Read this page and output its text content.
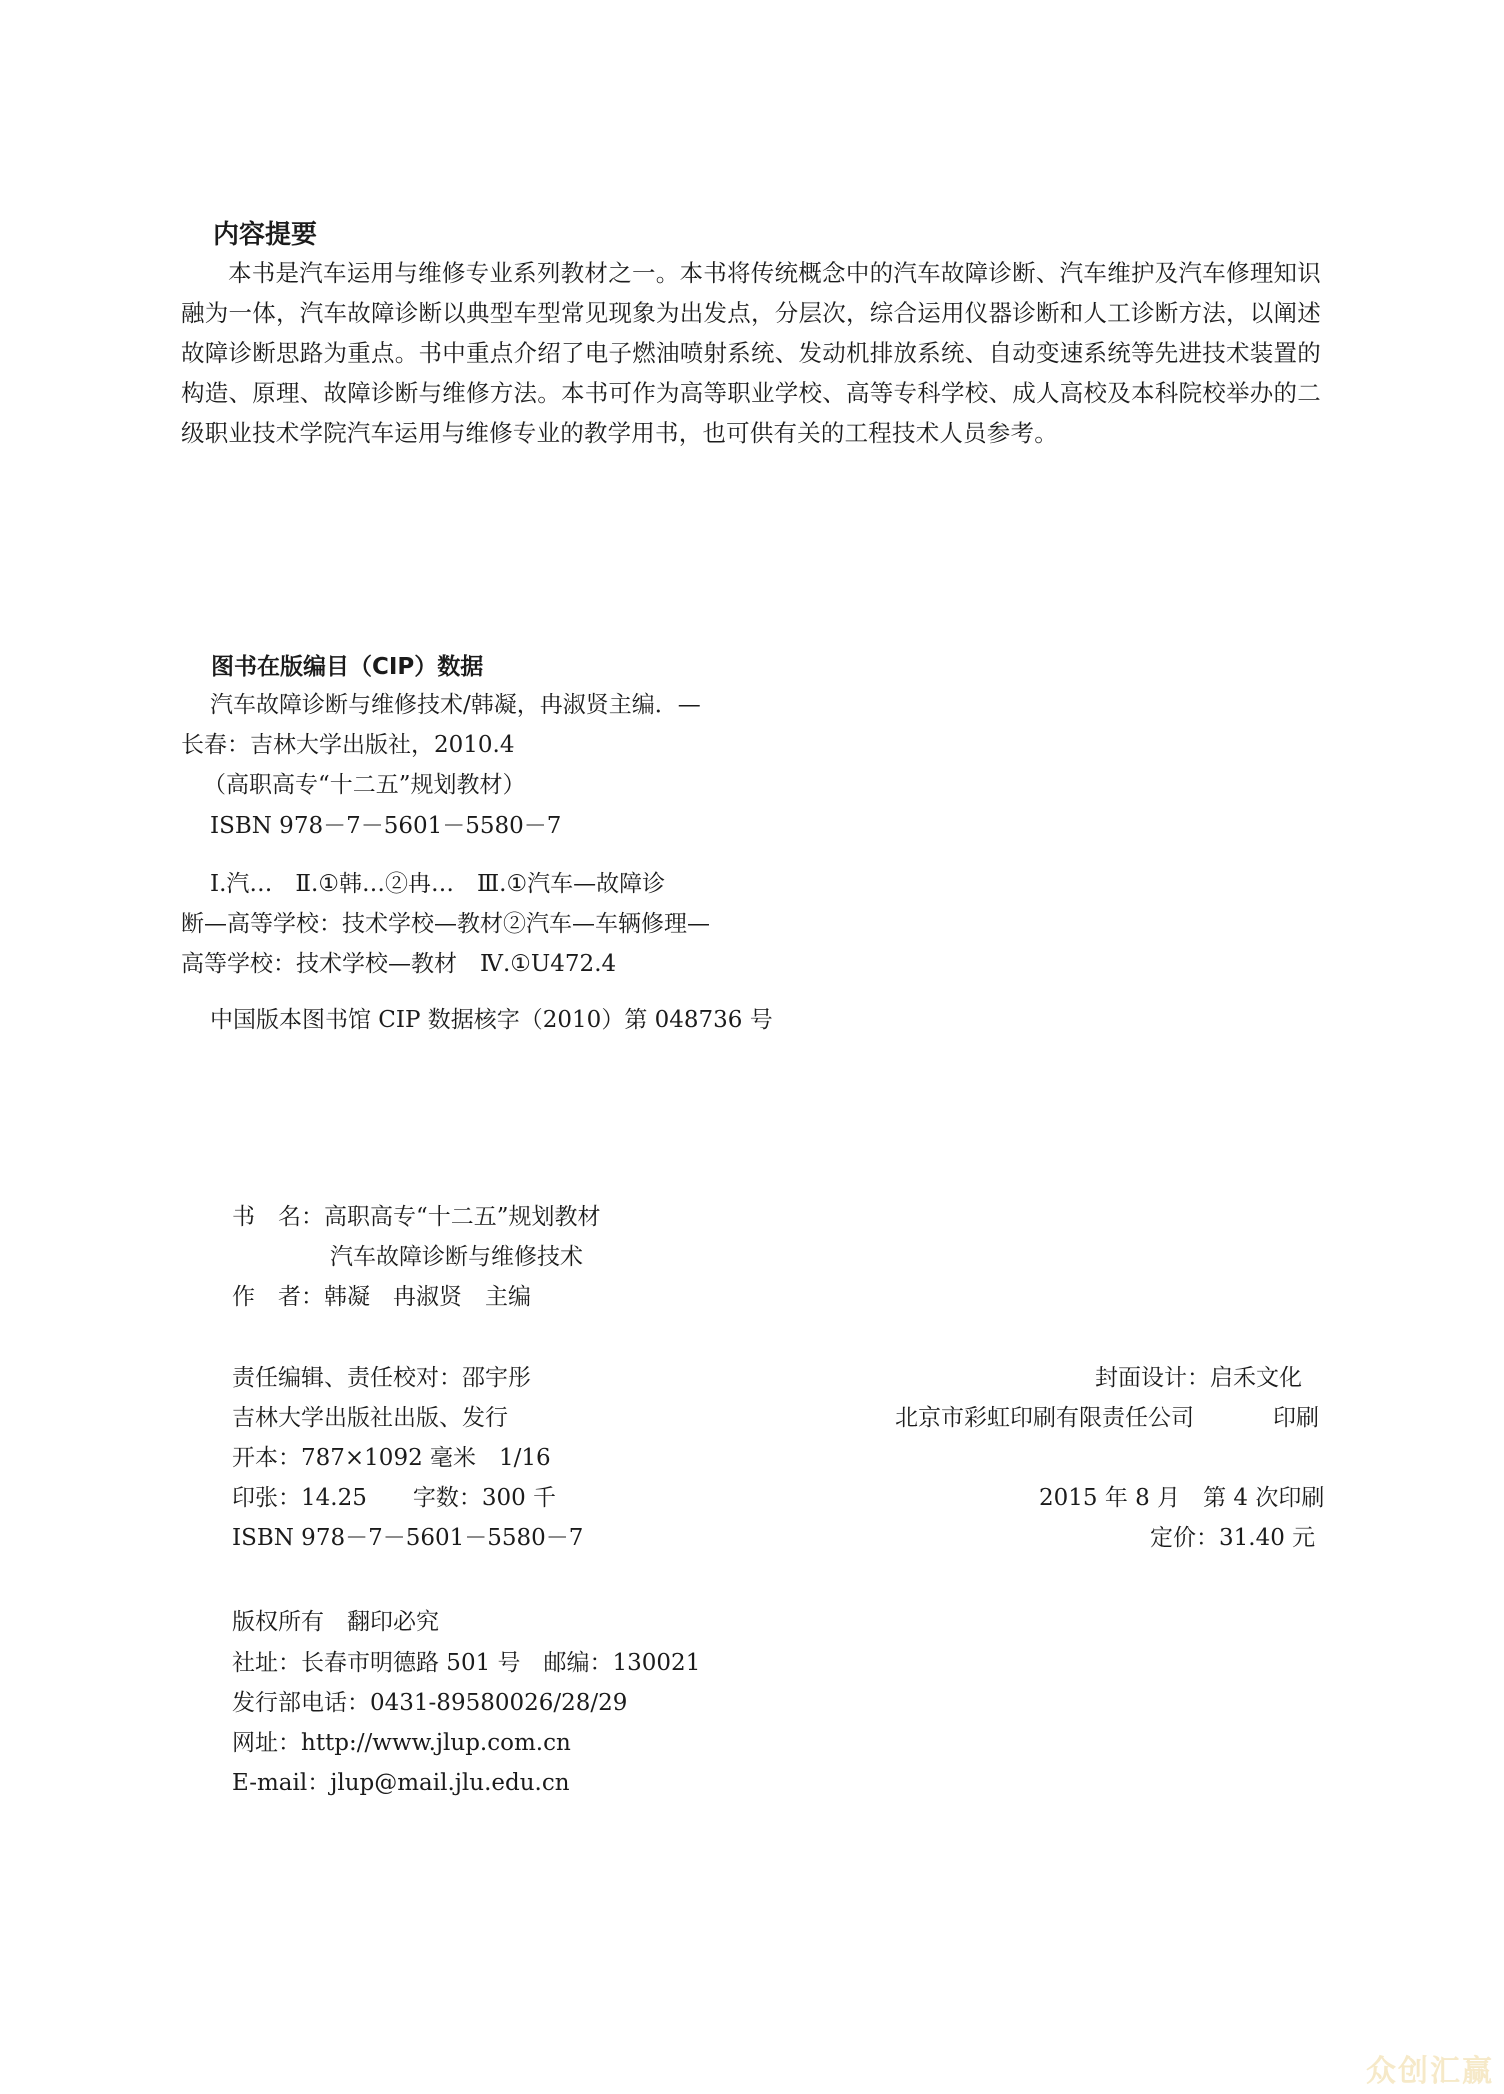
内容提要

本书是汽车运用与维修专业系列教材之一。本书将传统概念中的汽车故障诊断、汽车维护及汽车修理知识融为一体，汽车故障诊断以典型车型常见现象为出发点，分层次，综合运用仪器诊断和人工诊断方法，以阐述故障诊断思路为重点。书中重点介绍了电子燃油喷射系统、发动机排放系统、自动变速系统等先进技术装置的构造、原理、故障诊断与维修方法。本书可作为高等职业学校、高等专科学校、成人高校及本科院校举办的二级职业技术学院汽车运用与维修专业的教学用书，也可供有关的工程技术人员参考。

图书在版编目（CIP）数据
汽车故障诊断与维修技术/韩凝，冉淑贤主编．—
长春：吉林大学出版社，2010.4
（高职高专“十二五”规划教材）
ISBN 978－7－5601－5580－7
Ⅰ.汽…　Ⅱ.①韩…②冉…　Ⅲ.①汽车—故障诊
断—高等学校：技术学校—教材②汽车—车辆修理—
高等学校：技术学校—教材　Ⅳ.①U472.4
中国版本图书馆 CIP 数据核字（2010）第 048736 号
书　名：高职高专“十二五”规划教材
汽车故障诊断与维修技术
作　者：韩凝　冉淑贤　主编
责任编辑、责任校对：邵宇彤	封面设计：启禾文化
吉林大学出版社出版、发行	北京市彩虹印刷有限责任公司	印刷
开本：787×1092 毫米　1/16
印张：14.25　　字数：300 千	2015 年 8 月　第 4 次印刷
ISBN 978－7－5601－5580－7	定价：31.40 元
版权所有　翻印必究
社址：长春市明德路 501 号　邮编：130021
发行部电话：0431-89580026/28/29
网址：http://www.jlup.com.cn
E-mail：jlup@mail.jlu.edu.cn
众创汇赢
